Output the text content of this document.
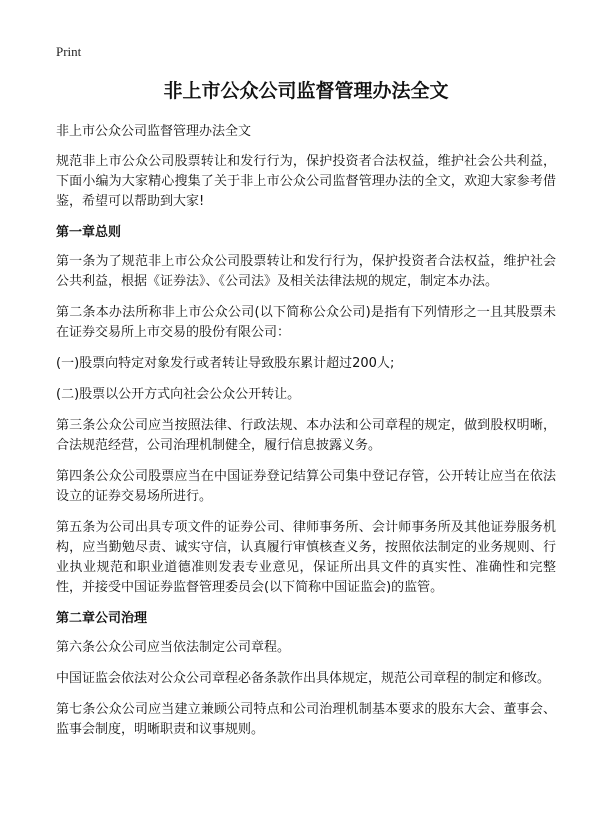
Print
非上市公众公司监督管理办法全文

非上市公众公司监督管理办法全文

规范非上市公众公司股票转让和发行行为，保护投资者合法权益，维护社会公共利益，下面小编为大家精心搜集了关于非上市公众公司监督管理办法的全文，欢迎大家参考借鉴，希望可以帮助到大家!

第一章总则

第一条为了规范非上市公众公司股票转让和发行行为，保护投资者合法权益，维护社会公共利益，根据《证券法》、《公司法》及相关法律法规的规定，制定本办法。

第二条本办法所称非上市公众公司(以下简称公众公司)是指有下列情形之一且其股票未在证券交易所上市交易的股份有限公司：

(一)股票向特定对象发行或者转让导致股东累计超过200人;

(二)股票以公开方式向社会公众公开转让。

第三条公众公司应当按照法律、行政法规、本办法和公司章程的规定，做到股权明晰，合法规范经营，公司治理机制健全，履行信息披露义务。

第四条公众公司股票应当在中国证券登记结算公司集中登记存管，公开转让应当在依法设立的证券交易场所进行。

第五条为公司出具专项文件的证券公司、律师事务所、会计师事务所及其他证券服务机构，应当勤勉尽责、诚实守信，认真履行审慎核查义务，按照依法制定的业务规则、行业执业规范和职业道德准则发表专业意见，保证所出具文件的真实性、准确性和完整性，并接受中国证券监督管理委员会(以下简称中国证监会)的监管。

第二章公司治理

第六条公众公司应当依法制定公司章程。

中国证监会依法对公众公司章程必备条款作出具体规定，规范公司章程的制定和修改。

第七条公众公司应当建立兼顾公司特点和公司治理机制基本要求的股东大会、董事会、监事会制度，明晰职责和议事规则。
